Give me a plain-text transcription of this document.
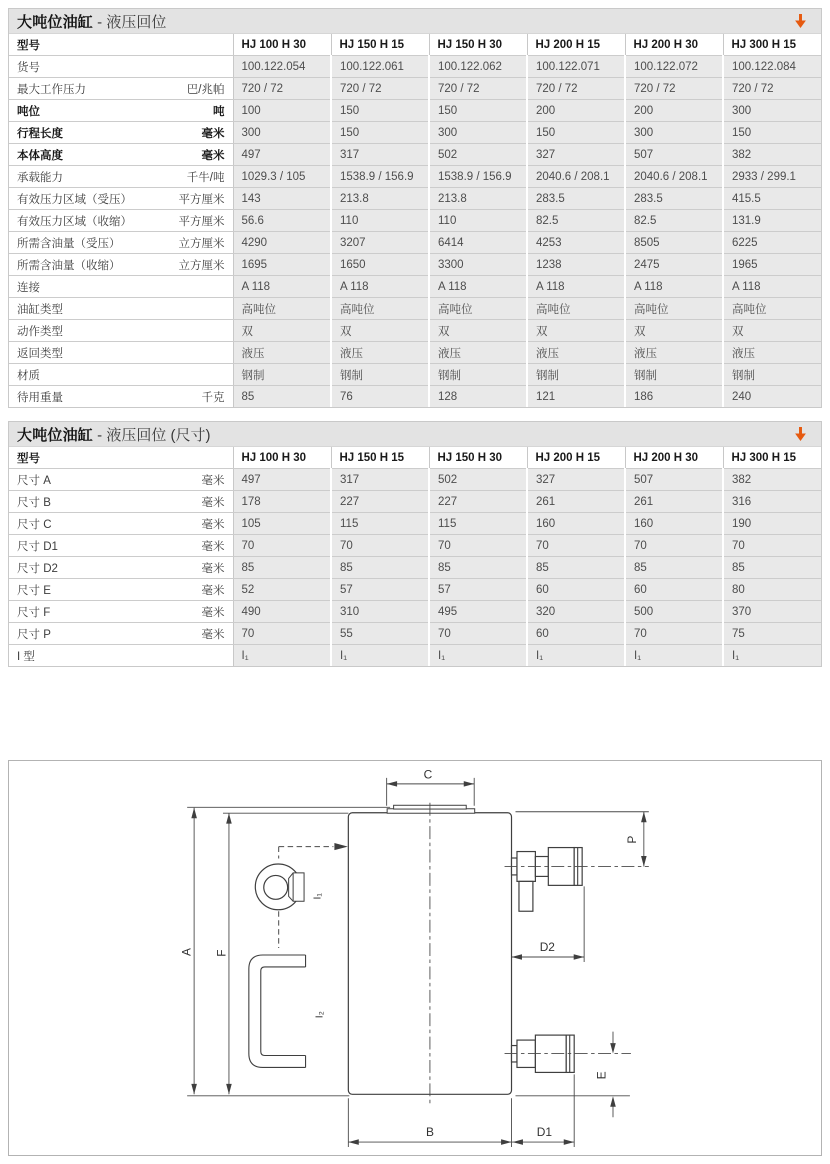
大吨位油缸 - 液压回位
型号	HJ 100 H 30	HJ 150 H 15	HJ 150 H 30	HJ 200 H 15	HJ 200 H 30	HJ 300 H 15
货号	100.122.054	100.122.061	100.122.062	100.122.071	100.122.072	100.122.084
最大工作压力 巴/兆帕	720 / 72	720 / 72	720 / 72	720 / 72	720 / 72	720 / 72
吨位 吨	100	150	150	200	200	300
行程长度 毫米	300	150	300	150	300	150
本体高度 毫米	497	317	502	327	507	382
承载能力 千牛/吨	1029.3 / 105	1538.9 / 156.9	1538.9 / 156.9	2040.6 / 208.1	2040.6 / 208.1	2933 / 299.1
有效压力区域（受压） 平方厘米	143	213.8	213.8	283.5	283.5	415.5
有效压力区域（收缩） 平方厘米	56.6	110	110	82.5	82.5	131.9
所需含油量（受压） 立方厘米	4290	3207	6414	4253	8505	6225
所需含油量（收缩） 立方厘米	1695	1650	3300	1238	2475	1965
连接	A 118	A 118	A 118	A 118	A 118	A 118
油缸类型	高吨位	高吨位	高吨位	高吨位	高吨位	高吨位
动作类型	双	双	双	双	双	双
返回类型	液压	液压	液压	液压	液压	液压
材质	钢制	钢制	钢制	钢制	钢制	钢制
待用重量 千克	85	76	128	121	186	240
大吨位油缸 - 液压回位 (尺寸)
型号	HJ 100 H 30	HJ 150 H 15	HJ 150 H 30	HJ 200 H 15	HJ 200 H 30	HJ 300 H 15
尺寸 A 毫米	497	317	502	327	507	382
尺寸 B 毫米	178	227	227	261	261	316
尺寸 C 毫米	105	115	115	160	160	190
尺寸 D1 毫米	70	70	70	70	70	70
尺寸 D2 毫米	85	85	85	85	85	85
尺寸 E 毫米	52	57	57	60	60	80
尺寸 F 毫米	490	310	495	320	500	370
尺寸 P 毫米	70	55	70	60	70	75
I 型	I₁	I₁	I₁	I₁	I₁	I₁
A F
C
P
D2
E
B	D1
I₁
I₂
